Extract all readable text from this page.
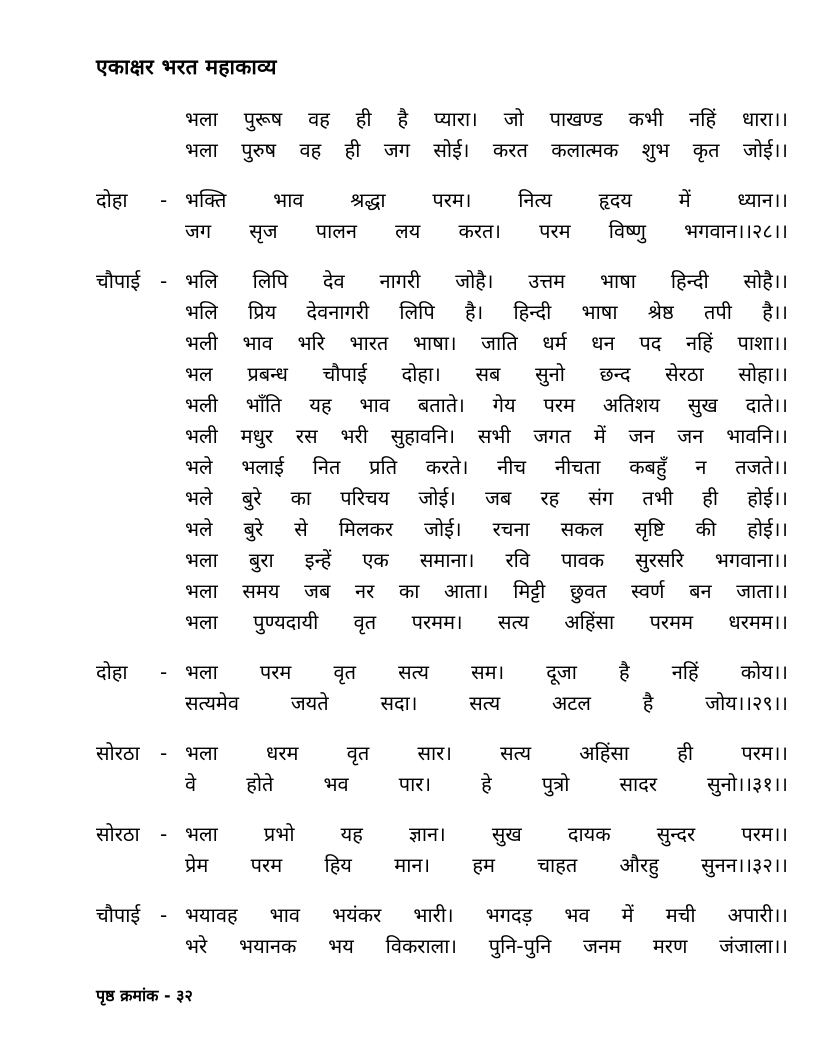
एकाक्षर भरत महाकाव्य
भला पुरूष वह ही है प्यारा। जो पाखण्ड कभी नहिं धारा।।
भला पुरुष वह ही जग सोई। करत कलात्मक शुभ कृत जोई।।
दोहा - भक्ति भाव श्रद्धा परम। नित्य हृदय में ध्यान।।
जग सृज पालन लय करत। परम विष्णु भगवान।।२८।।
चौपाई - भलि लिपि देव नागरी जोहै। उत्तम भाषा हिन्दी सोहै।।
भलि प्रिय देवनागरी लिपि है। हिन्दी भाषा श्रेष्ठ तपी है।।
भली भाव भरि भारत भाषा। जाति धर्म धन पद नहिं पाशा।।
भल प्रबन्ध चौपाई दोहा। सब सुनो छन्द सेरठा सोहा।।
भली भाँति यह भाव बताते। गेय परम अतिशय सुख दाते।।
भली मधुर रस भरी सुहावनि। सभी जगत में जन जन भावनि।।
भले भलाई नित प्रति करते। नीच नीचता कबहुँ न तजते।।
भले बुरे का परिचय जोई। जब रह संग तभी ही होई।।
भले बुरे से मिलकर जोई। रचना सकल सृष्टि की होई।।
भला बुरा इन्हें एक समाना। रवि पावक सुरसरि भगवाना।।
भला समय जब नर का आता। मिट्टी छुवत स्वर्ण बन जाता।।
भला पुण्यदायी वृत परमम। सत्य अहिंसा परमम धरमम।।
दोहा - भला परम वृत सत्य सम। दूजा है नहिं कोय।।
सत्यमेव जयते सदा। सत्य अटल है जोय।।२९।।
सोरठा - भला धरम वृत सार। सत्य अहिंसा ही परम।।
वे होते भव पार। हे पुत्रो सादर सुनो।।३१।।
सोरठा - भला प्रभो यह ज्ञान। सुख दायक सुन्दर परम।।
प्रेम परम हिय मान। हम चाहत औरहु सुनन।।३२।।
चौपाई - भयावह भाव भयंकर भारी। भगदड़ भव में मची अपारी।।
भरे भयानक भय विकराला। पुनि-पुनि जनम मरण जंजाला।।
पृष्ठ क्रमांक - ३२
